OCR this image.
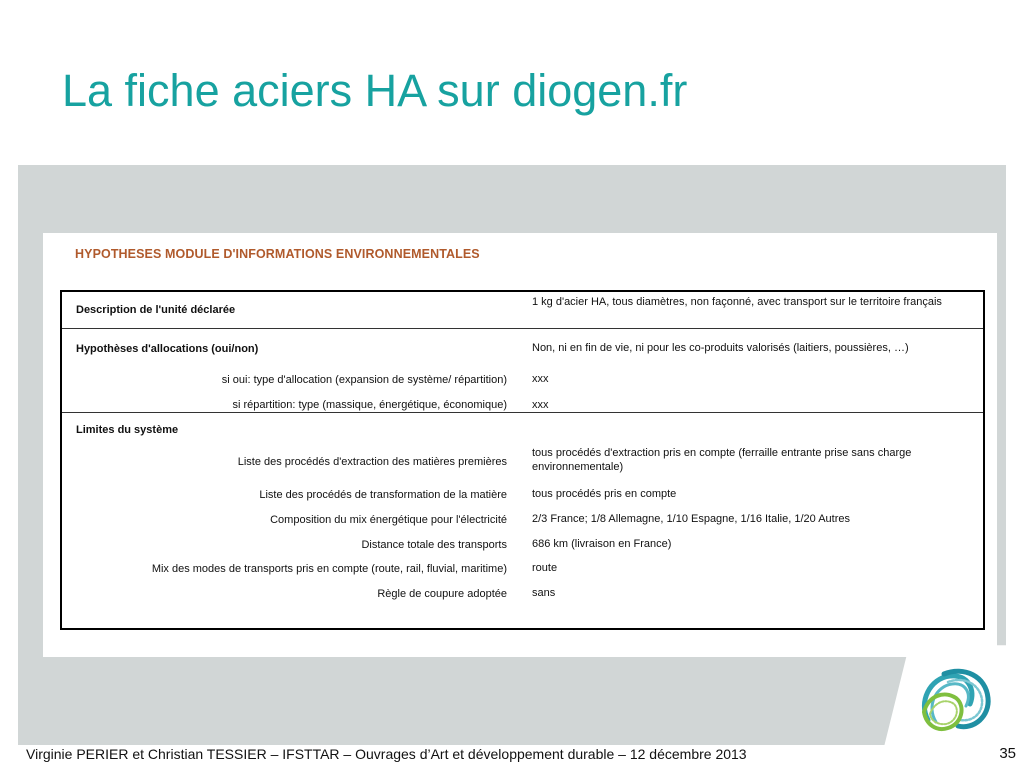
La fiche aciers HA sur diogen.fr
HYPOTHESES MODULE D'INFORMATIONS ENVIRONNEMENTALES
Description de l'unité déclarée
1 kg d'acier HA, tous diamètres, non façonné, avec transport sur le territoire français
Hypothèses d'allocations (oui/non)	Non, ni en fin de vie, ni pour les co-produits valorisés (laitiers, poussières, …)
si oui: type d'allocation (expansion de système/ répartition) xxx
si répartition: type (massique, énergétique, économique) xxx
Limites du système
Liste des procédés d'extraction des matières premières
tous procédés d'extraction pris en compte (ferraille entrante prise sans charge environnementale)
Liste des procédés de transformation de la matière tous procédés pris en compte
Composition du mix énergétique pour l'électricité 2/3 France; 1/8 Allemagne, 1/10 Espagne, 1/16 Italie, 1/20 Autres
Distance totale des transports 686 km (livraison en France)
Mix des modes de transports pris en compte (route, rail, fluvial, maritime) route
Règle de coupure adoptée sans
Virginie PERIER et Christian TESSIER – IFSTTAR – Ouvrages d’Art et développement durable – 12 décembre 2013	35
